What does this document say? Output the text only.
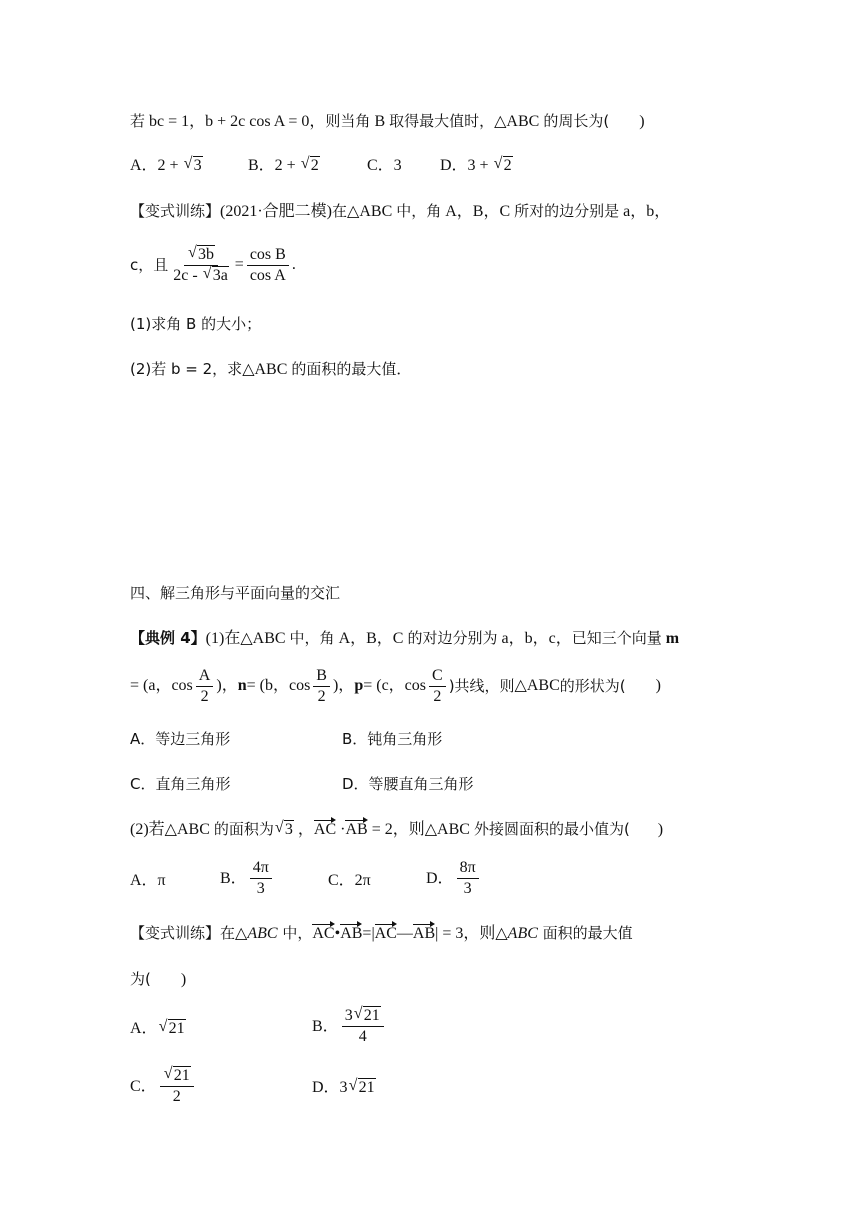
若 bc = 1，b + 2c cos A = 0，则当角 B 取得最大值时，△ABC 的周长为( )
A．2 + √ 3	B．2 + √ 2	C．3 D．3 + √ 2
【变式训练】(2021·合肥二模)在△ABC 中，角 A，B，C 所对的边分别是 a，b，
c，且 √ $\frac{3b}{2c - √ 3a} = \frac{\text{cos B}}{\text{cos A}}$ .
(1)求角 B 的大小；
(2)若 b = 2，求△ABC 的面积的最大值．
四、解三角形与平面向量的交汇
【典例 4】(1)在△ABC 中，角 A，B，C 的对边分别为 a，b，c，已知三个向量 m
= (a，$\cos \frac{A}{2}$ )， n = (b，$\cos \frac{B}{2}$ )， p = (c，$\cos \frac{C}{2}$ )共线，则 △ABC 的形状为( )
A．等边三角形	B．钝角三角形
C．直角三角形	D．等腰直角三角形
(2)若△ABC 的面积为 √ 3 ，AC ·AB = 2，则△ABC 外接圆面积的最小值为( )
A．π	B． $\frac{4\pi}{3}$	C．2π	D． $\frac{8\pi}{3}$
【变式训练】在△ABC 中，AC•AB=|AC—AB| = 3，则△ABC 面积的最大值
为( )
A． √ 21	B． $\frac{3 √ 21}{4}$
C． √ $\frac{21}{2}$	D．3 √ 21
